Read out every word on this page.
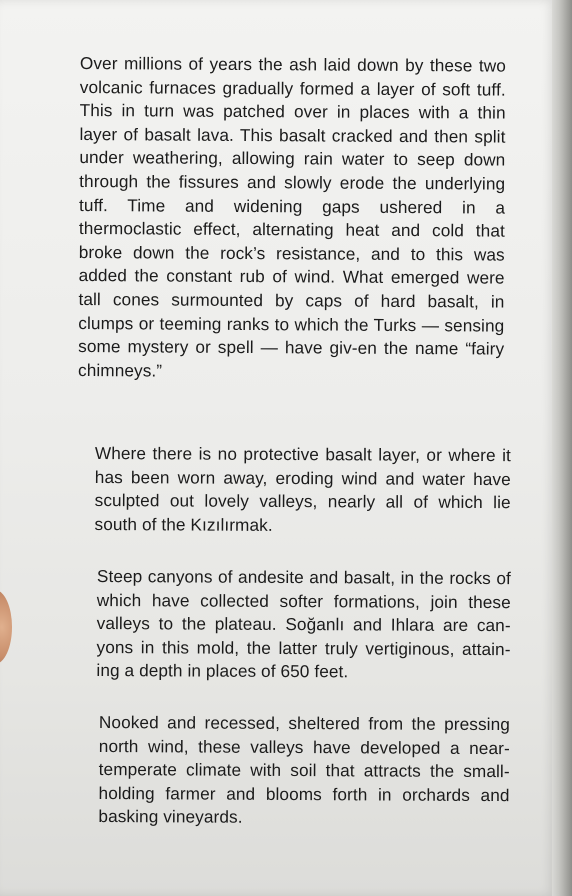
Over millions of years the ash laid down by these two volcanic furnaces gradually formed a layer of soft tuff. This in turn was patched over in places with a thin layer of basalt lava. This basalt cracked and then split under weathering, allowing rain water to seep down through the fissures and slowly erode the underlying tuff. Time and widening gaps ushered in a thermoclastic effect, alternating heat and cold that broke down the rock’s resistance, and to this was added the constant rub of wind. What emerged were tall cones surmounted by caps of hard basalt, in clumps or teeming ranks to which the Turks — sensing some mystery or spell — have giv-en the name “fairy chimneys.”
Where there is no protective basalt layer, or where it has been worn away, eroding wind and water have sculpted out lovely valleys, nearly all of which lie south of the Kızılırmak.
Steep canyons of andesite and basalt, in the rocks of which have collected softer formations, join these valleys to the plateau. Soğanlı and Ihlara are can-yons in this mold, the latter truly vertiginous, attain-ing a depth in places of 650 feet.
Nooked and recessed, sheltered from the pressing north wind, these valleys have developed a near-temperate climate with soil that attracts the small-holding farmer and blooms forth in orchards and basking vineyards.
